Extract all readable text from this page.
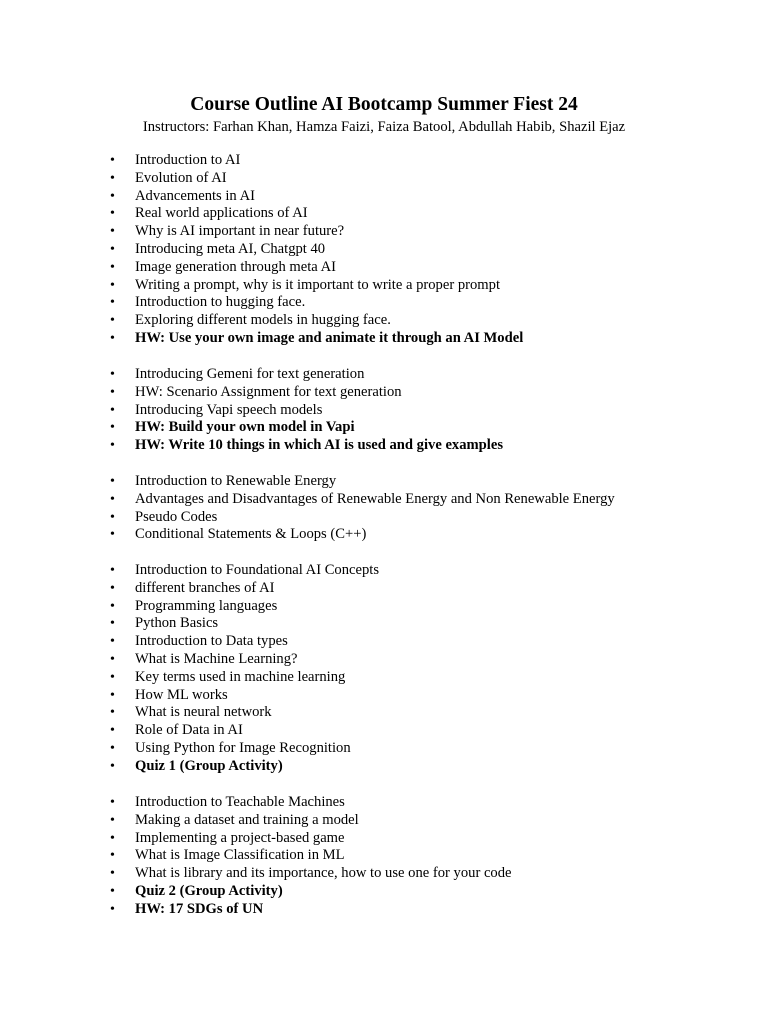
Course Outline AI Bootcamp Summer Fiest 24

Instructors: Farhan Khan, Hamza Faizi, Faiza Batool, Abdullah Habib, Shazil Ejaz

• Introduction to AI
• Evolution of AI
• Advancements in AI
• Real world applications of AI
• Why is AI important in near future?
• Introducing meta AI, Chatgpt 40
• Image generation through meta AI
• Writing a prompt, why is it important to write a proper prompt
• Introduction to hugging face.
• Exploring different models in hugging face.
• HW: Use your own image and animate it through an AI Model
• Introducing Gemeni for text generation
• HW: Scenario Assignment for text generation
• Introducing Vapi speech models
• HW: Build your own model in Vapi
• HW: Write 10 things in which AI is used and give examples
• Introduction to Renewable Energy
• Advantages and Disadvantages of Renewable Energy and Non Renewable Energy
• Pseudo Codes
• Conditional Statements & Loops (C++)
• Introduction to Foundational AI Concepts
• different branches of AI
• Programming languages
• Python Basics
• Introduction to Data types
• What is Machine Learning?
• Key terms used in machine learning
• How ML works
• What is neural network
• Role of Data in AI
• Using Python for Image Recognition
• Quiz 1 (Group Activity)
• Introduction to Teachable Machines
• Making a dataset and training a model
• Implementing a project-based game
• What is Image Classification in ML
• What is library and its importance, how to use one for your code
• Quiz 2 (Group Activity)
• HW: 17 SDGs of UN
